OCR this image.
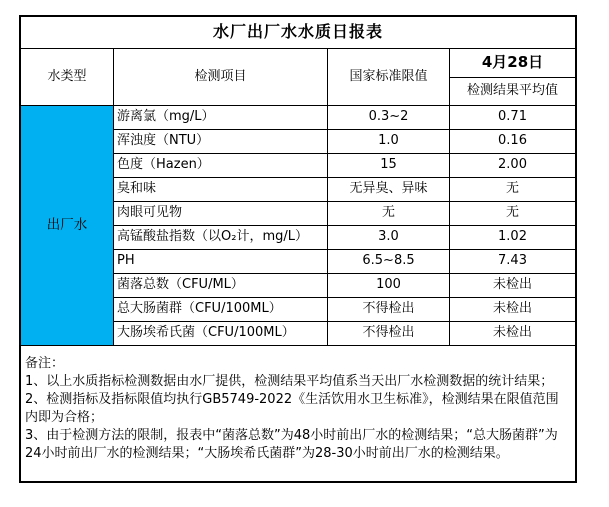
水厂出厂水水质日报表
水类型	检测项目	国家标准限值
4月28日
检测结果平均值
出厂水
游离氯（mg/L）	0.3~2	0.71
浑浊度（NTU）	1.0	0.16
色度（Hazen）	15	2.00
臭和味	无异臭、异味	无
肉眼可见物	无	无
高锰酸盐指数（以O₂计，mg/L）	3.0	1.02
PH	6.5~8.5	7.43
菌落总数（CFU/ML）	100	未检出
总大肠菌群（CFU/100ML）	不得检出	未检出
大肠埃希氏菌（CFU/100ML）	不得检出	未检出
备注：
1、以上水质指标检测数据由水厂提供，检测结果平均值系当天出厂水检测数据的统计结果；
2、检测指标及指标限值均执行GB5749-2022《生活饮用水卫生标准》，检测结果在限值范围内即为合格；
3、由于检测方法的限制，报表中“菌落总数”为48小时前出厂水的检测结果；“总大肠菌群”为24小时前出厂水的检测结果；“大肠埃希氏菌群”为28-30小时前出厂水的检测结果。
